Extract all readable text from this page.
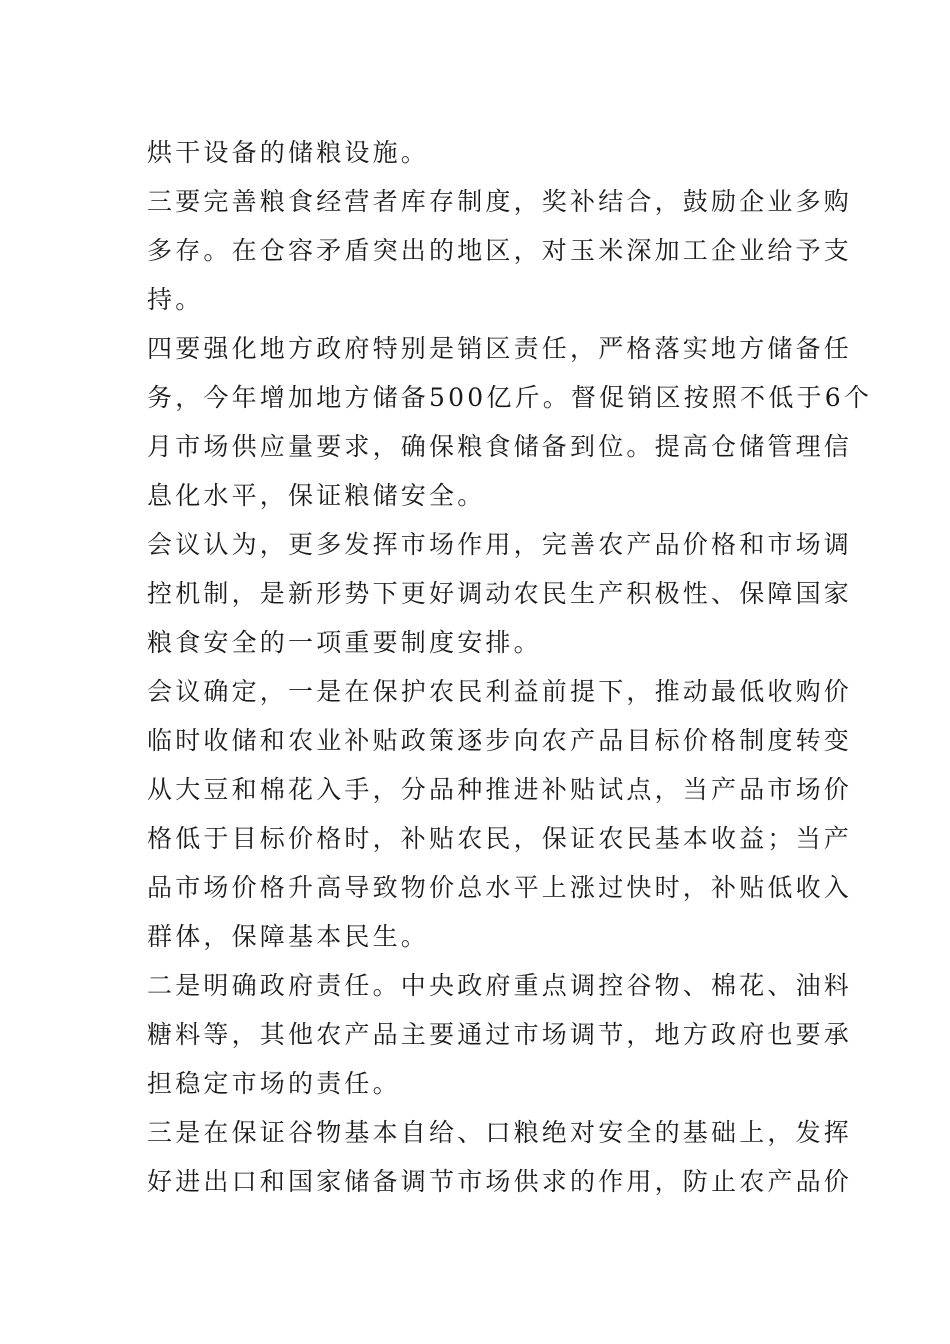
烘干设备的储粮设施。
三要完善粮食经营者库存制度，奖补结合，鼓励企业多购
多存。在仓容矛盾突出的地区，对玉米深加工企业给予支
持。
四要强化地方政府特别是销区责任，严格落实地方储备任
务，今年增加地方储备500亿斤。督促销区按照不低于6个
月市场供应量要求，确保粮食储备到位。提高仓储管理信
息化水平，保证粮储安全。
会议认为，更多发挥市场作用，完善农产品价格和市场调
控机制，是新形势下更好调动农民生产积极性、保障国家
粮食安全的一项重要制度安排。
会议确定，一是在保护农民利益前提下，推动最低收购价
临时收储和农业补贴政策逐步向农产品目标价格制度转变
从大豆和棉花入手，分品种推进补贴试点，当产品市场价
格低于目标价格时，补贴农民，保证农民基本收益；当产
品市场价格升高导致物价总水平上涨过快时，补贴低收入
群体，保障基本民生。
二是明确政府责任。中央政府重点调控谷物、棉花、油料
糖料等，其他农产品主要通过市场调节，地方政府也要承
担稳定市场的责任。
三是在保证谷物基本自给、口粮绝对安全的基础上，发挥
好进出口和国家储备调节市场供求的作用，防止农产品价
